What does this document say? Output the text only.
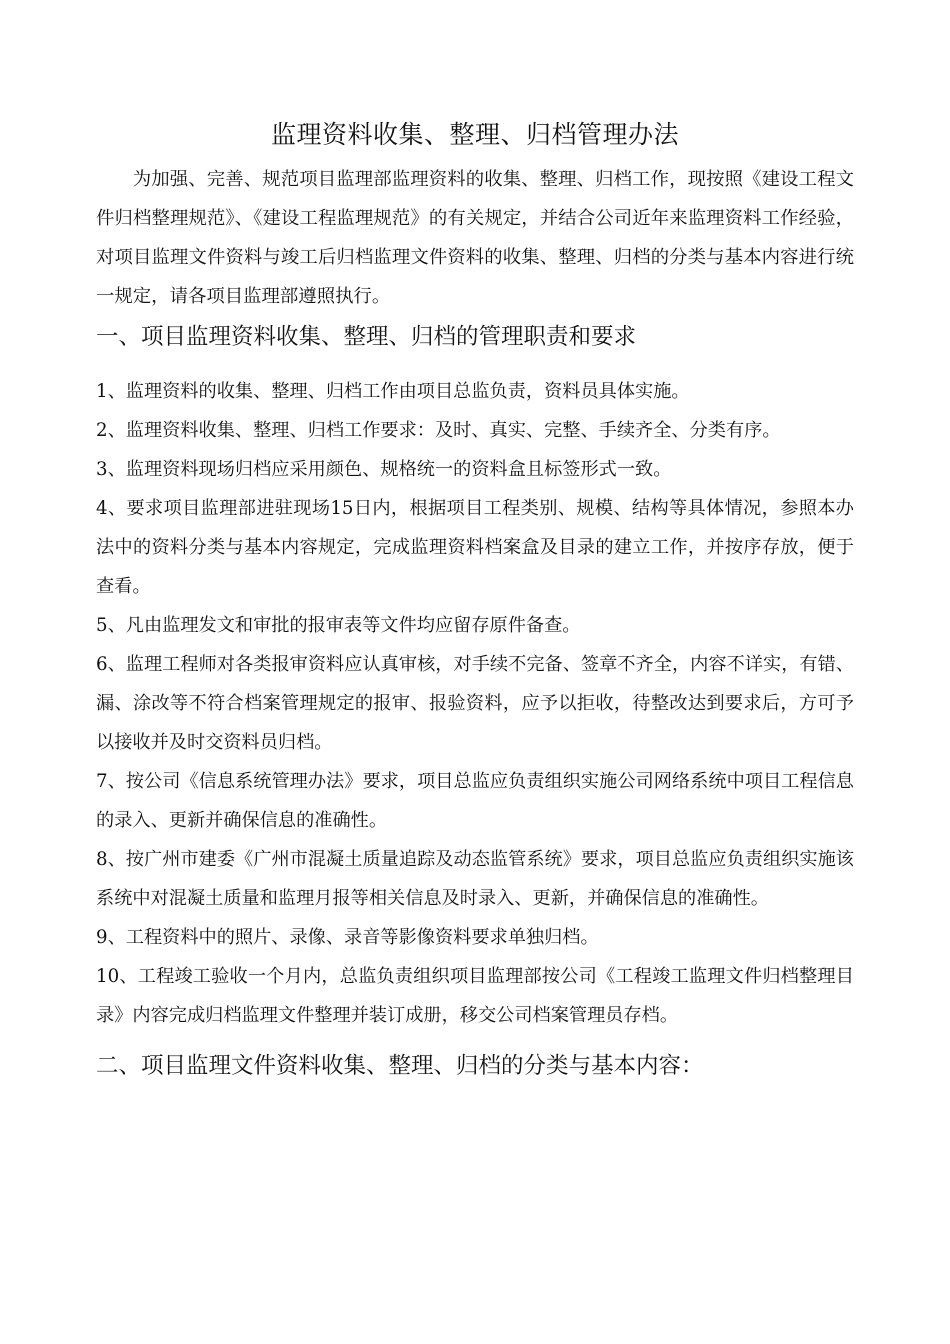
监理资料收集、整理、归档管理办法

为加强、完善、规范项目监理部监理资料的收集、整理、归档工作，现按照《建设工程文件归档整理规范》、《建设工程监理规范》的有关规定，并结合公司近年来监理资料工作经验，对项目监理文件资料与竣工后归档监理文件资料的收集、整理、归档的分类与基本内容进行统一规定，请各项目监理部遵照执行。

一、项目监理资料收集、整理、归档的管理职责和要求

1、监理资料的收集、整理、归档工作由项目总监负责，资料员具体实施。

2、监理资料收集、整理、归档工作要求：及时、真实、完整、手续齐全、分类有序。

3、监理资料现场归档应采用颜色、规格统一的资料盒且标签形式一致。

4、要求项目监理部进驻现场15日内，根据项目工程类别、规模、结构等具体情况，参照本办法中的资料分类与基本内容规定，完成监理资料档案盒及目录的建立工作，并按序存放，便于查看。

5、凡由监理发文和审批的报审表等文件均应留存原件备查。

6、监理工程师对各类报审资料应认真审核，对手续不完备、签章不齐全，内容不详实，有错、漏、涂改等不符合档案管理规定的报审、报验资料，应予以拒收，待整改达到要求后，方可予以接收并及时交资料员归档。

7、按公司《信息系统管理办法》要求，项目总监应负责组织实施公司网络系统中项目工程信息的录入、更新并确保信息的准确性。

8、按广州市建委《广州市混凝土质量追踪及动态监管系统》要求，项目总监应负责组织实施该系统中对混凝土质量和监理月报等相关信息及时录入、更新，并确保信息的准确性。

9、工程资料中的照片、录像、录音等影像资料要求单独归档。

10、工程竣工验收一个月内，总监负责组织项目监理部按公司《工程竣工监理文件归档整理目录》内容完成归档监理文件整理并装订成册，移交公司档案管理员存档。

二、项目监理文件资料收集、整理、归档的分类与基本内容：
